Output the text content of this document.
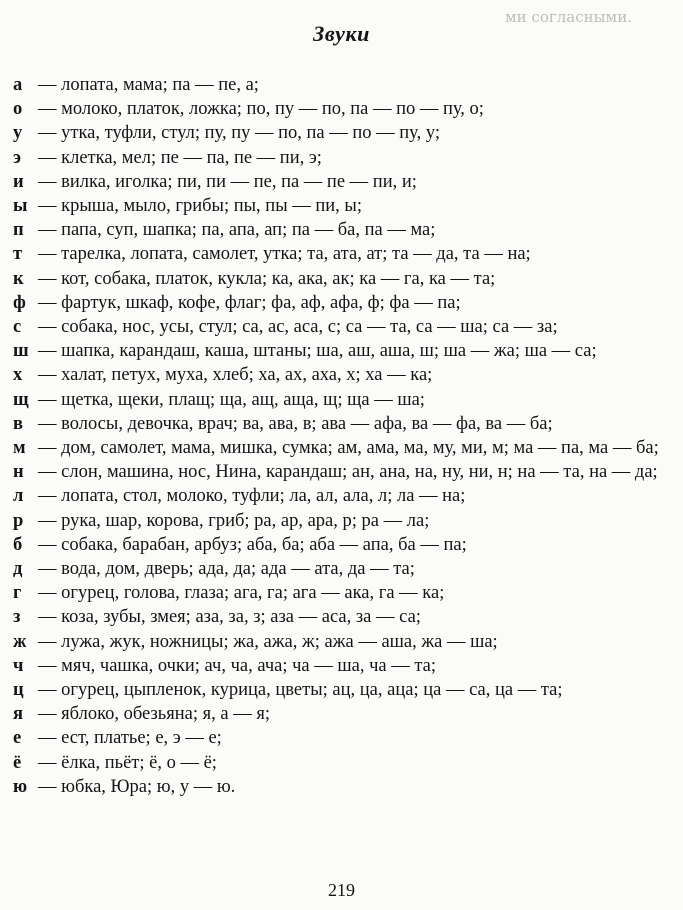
ми согласными.
Звуки
а — лопата, мама; па — пе, а;
о — молоко, платок, ложка; по, пу — по, па — по — пу, о;
у — утка, туфли, стул; пу, пу — по, па — по — пу, у;
э — клетка, мел; пе — па, пе — пи, э;
и — вилка, иголка; пи, пи — пе, па — пе — пи, и;
ы — крыша, мыло, грибы; пы, пы — пи, ы;
п — папа, суп, шапка; па, апа, ап; па — ба, па — ма;
т — тарелка, лопата, самолет, утка; та, ата, ат; та — да, та — на;
к — кот, собака, платок, кукла; ка, ака, ак; ка — га, ка — та;
ф — фартук, шкаф, кофе, флаг; фа, аф, афа, ф; фа — па;
с — собака, нос, усы, стул; са, ас, аса, с; са — та, са — ша; са — за;
ш — шапка, карандаш, каша, штаны; ша, аш, аша, ш; ша — жа; ша — са;
х — халат, петух, муха, хлеб; ха, ах, аха, х; ха — ка;
щ — щетка, щеки, плащ; ща, ащ, аща, щ; ща — ша;
в — волосы, девочка, врач; ва, ава, в; ава — афа, ва — фа, ва — ба;
м — дом, самолет, мама, мишка, сумка; ам, ама, ма, му, ми, м; ма — па, ма — ба;
н — слон, машина, нос, Нина, карандаш; ан, ана, на, ну, ни, н; на — та, на — да;
л — лопата, стол, молоко, туфли; ла, ал, ала, л; ла — на;
р — рука, шар, корова, гриб; ра, ар, ара, р; ра — ла;
б — собака, барабан, арбуз; аба, ба; аба — апа, ба — па;
д — вода, дом, дверь; ада, да; ада — ата, да — та;
г — огурец, голова, глаза; ага, га; ага — ака, га — ка;
з — коза, зубы, змея; аза, за, з; аза — аса, за — са;
ж — лужа, жук, ножницы; жа, ажа, ж; ажа — аша, жа — ша;
ч — мяч, чашка, очки; ач, ча, ача; ча — ша, ча — та;
ц — огурец, цыпленок, курица, цветы; ац, ца, аца; ца — са, ца — та;
я — яблоко, обезьяна; я, а — я;
е — ест, платье; е, э — е;
ё — ёлка, пьёт; ё, о — ё;
ю — юбка, Юра; ю, у — ю.
219
